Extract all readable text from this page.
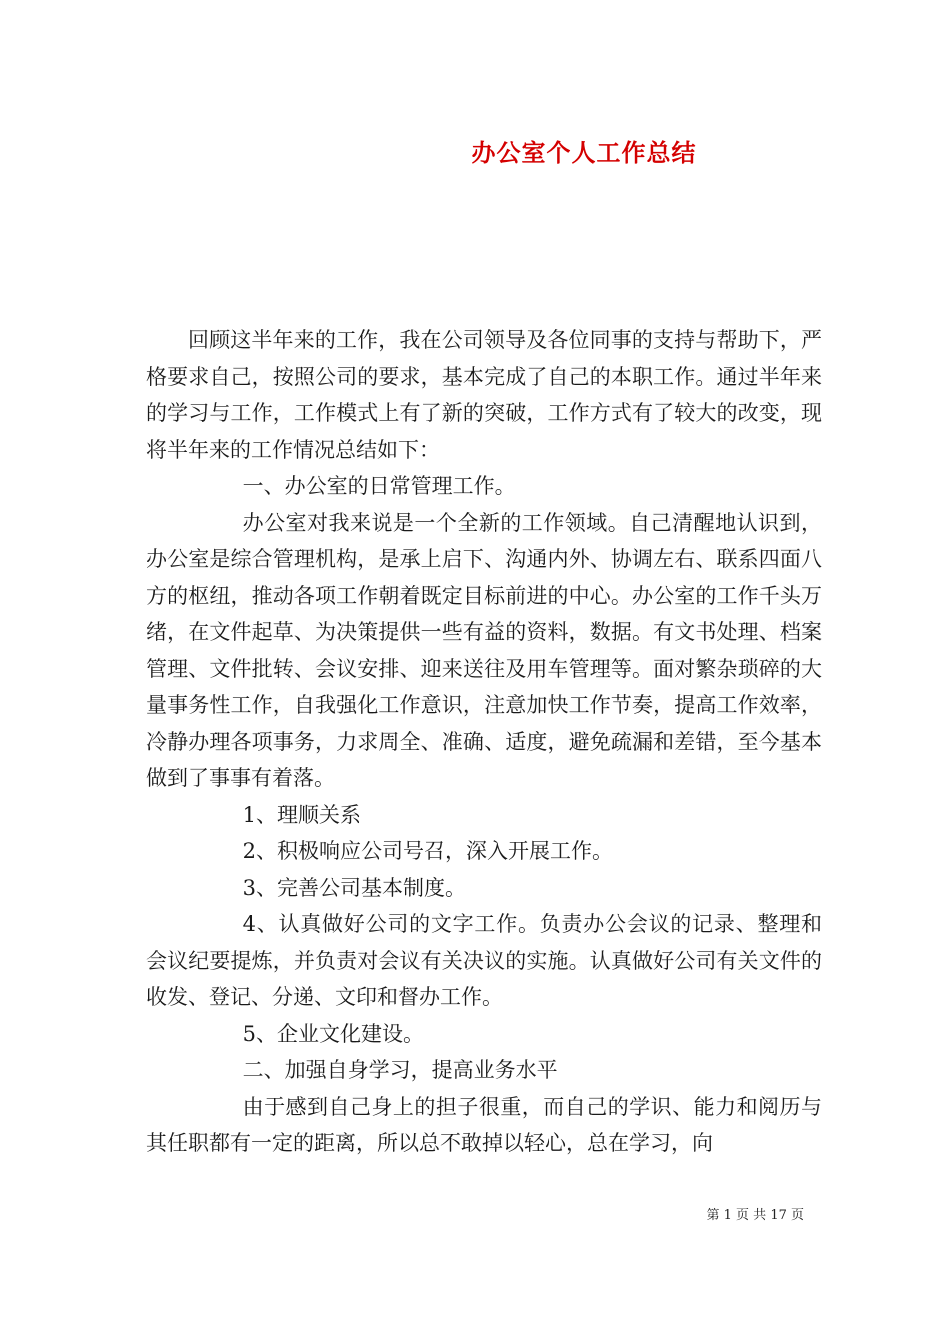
办公室个人工作总结

回顾这半年来的工作，我在公司领导及各位同事的支持与帮助下，严格要求自己，按照公司的要求，基本完成了自己的本职工作。通过半年来的学习与工作，工作模式上有了新的突破，工作方式有了较大的改变，现将半年来的工作情况总结如下：

一、办公室的日常管理工作。

办公室对我来说是一个全新的工作领域。自己清醒地认识到，办公室是综合管理机构，是承上启下、沟通内外、协调左右、联系四面八方的枢纽，推动各项工作朝着既定目标前进的中心。办公室的工作千头万绪，在文件起草、为决策提供一些有益的资料，数据。有文书处理、档案管理、文件批转、会议安排、迎来送往及用车管理等。面对繁杂琐碎的大量事务性工作，自我强化工作意识，注意加快工作节奏，提高工作效率，冷静办理各项事务，力求周全、准确、适度，避免疏漏和差错，至今基本做到了事事有着落。

1、理顺关系

2、积极响应公司号召，深入开展工作。

3、完善公司基本制度。

4、认真做好公司的文字工作。负责办公会议的记录、整理和会议纪要提炼，并负责对会议有关决议的实施。认真做好公司有关文件的收发、登记、分递、文印和督办工作。

5、企业文化建设。

二、加强自身学习，提高业务水平

由于感到自己身上的担子很重，而自己的学识、能力和阅历与其任职都有一定的距离，所以总不敢掉以轻心，总在学习，向

第 1 页 共 17 页
